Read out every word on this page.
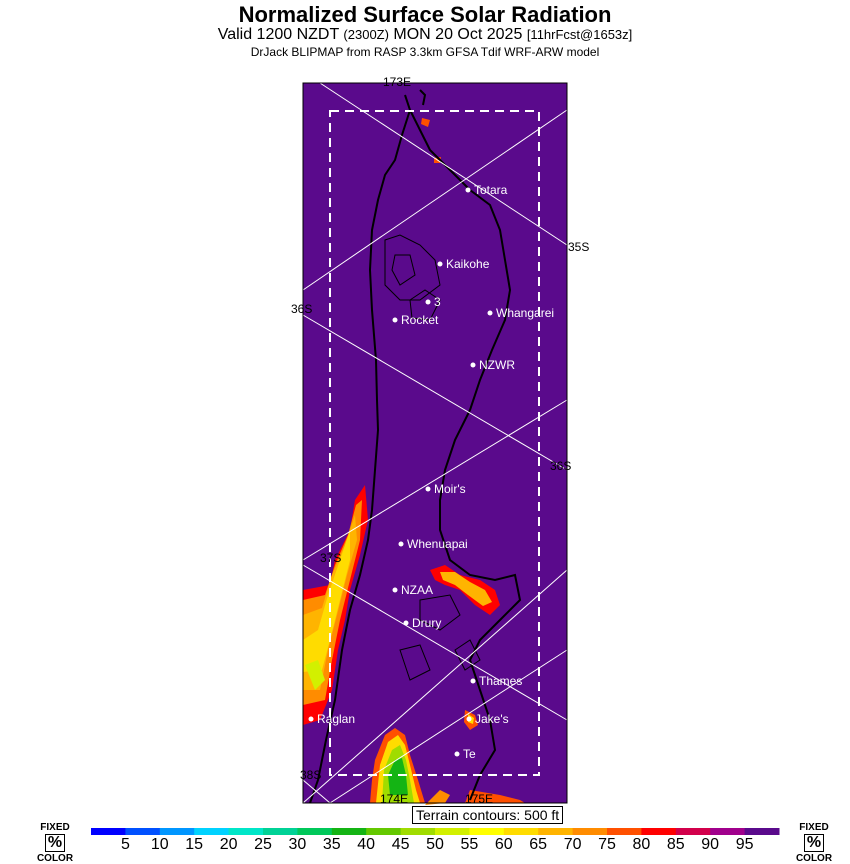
Normalized Surface Solar Radiation
Valid 1200 NZDT (2300Z) MON 20 Oct 2025 [11hrFcst@1653z]
DrJack BLIPMAP from RASP 3.3km GFSA Tdif WRF-ARW model
173E
35S
36S
36S
37S
38S
174E	175E
Totara
Kaikohe
3
Rocket	Whangarei
NZWR
Moir's
Whenuapai
NZAA
Drury
Thames
Raglan	Jake's
Te
Terrain contours: 500 ft
5	10 15 20 25 30 35 40 45 50 55 60 65 70 75 80 85 90 95
FIXED
%
COLOR
FIXED
%
COLOR
